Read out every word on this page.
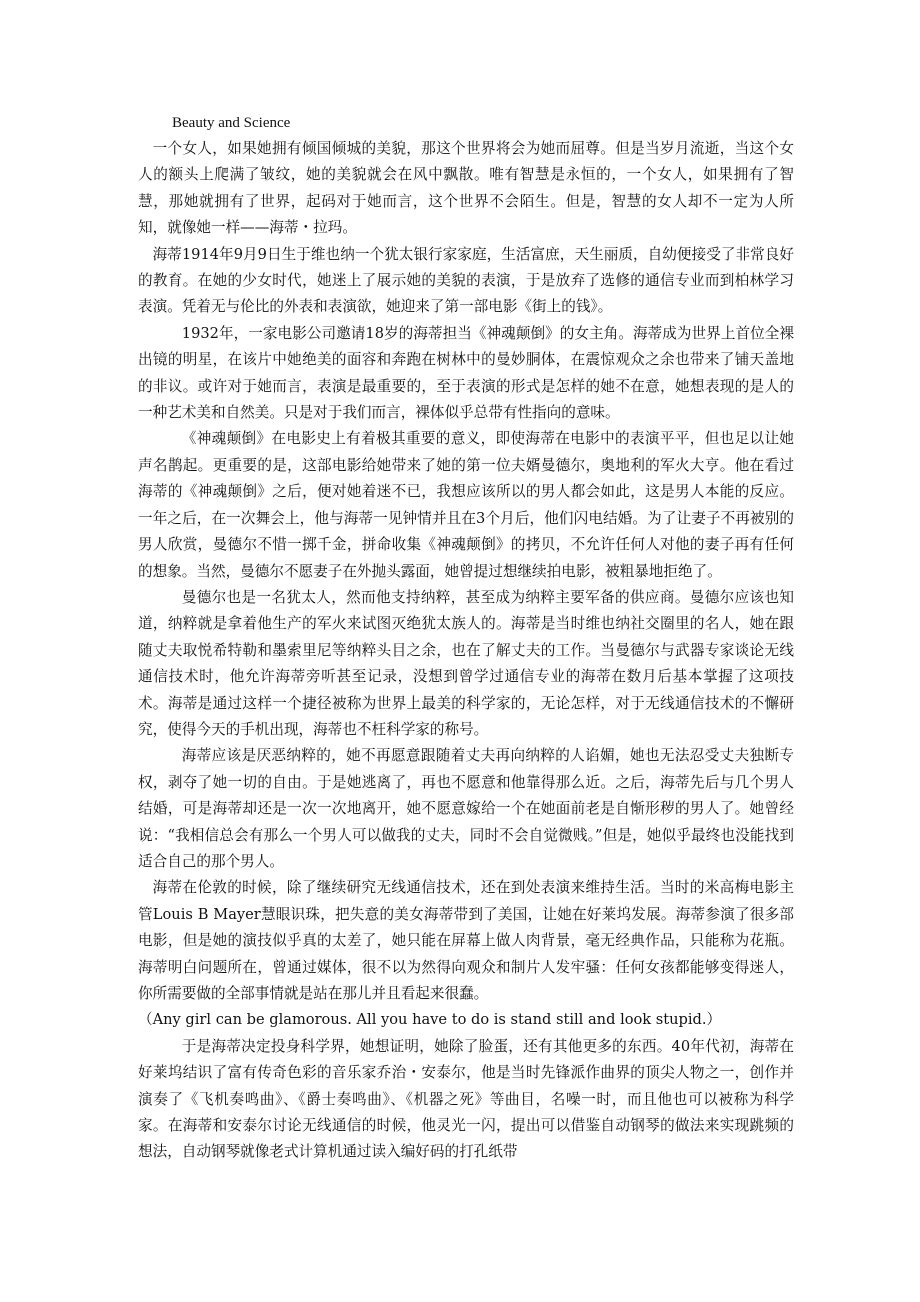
Beauty and Science

一个女人，如果她拥有倾国倾城的美貌，那这个世界将会为她而屈尊。但是当岁月流逝，当这个女人的额头上爬满了皱纹，她的美貌就会在风中飘散。唯有智慧是永恒的，一个女人，如果拥有了智慧，那她就拥有了世界，起码对于她而言，这个世界不会陌生。但是，智慧的女人却不一定为人所知，就像她一样——海蒂・拉玛。

海蒂1914年9月9日生于维也纳一个犹太银行家家庭，生活富庶，天生丽质，自幼便接受了非常良好的教育。在她的少女时代，她迷上了展示她的美貌的表演，于是放弃了选修的通信专业而到柏林学习表演。凭着无与伦比的外表和表演欲，她迎来了第一部电影《街上的钱》。

1932年，一家电影公司邀请18岁的海蒂担当《神魂颠倒》的女主角。海蒂成为世界上首位全裸出镜的明星，在该片中她绝美的面容和奔跑在树林中的曼妙胴体，在震惊观众之余也带来了铺天盖地的非议。或许对于她而言，表演是最重要的，至于表演的形式是怎样的她不在意，她想表现的是人的一种艺术美和自然美。只是对于我们而言，裸体似乎总带有性指向的意味。

《神魂颠倒》在电影史上有着极其重要的意义，即使海蒂在电影中的表演平平，但也足以让她声名鹊起。更重要的是，这部电影给她带来了她的第一位夫婿曼德尔，奥地利的军火大亨。他在看过海蒂的《神魂颠倒》之后，便对她着迷不已，我想应该所以的男人都会如此，这是男人本能的反应。一年之后，在一次舞会上，他与海蒂一见钟情并且在3个月后，他们闪电结婚。为了让妻子不再被别的男人欣赏，曼德尔不惜一掷千金，拼命收集《神魂颠倒》的拷贝，不允许任何人对他的妻子再有任何的想象。当然，曼德尔不愿妻子在外抛头露面，她曾提过想继续拍电影，被粗暴地拒绝了。

曼德尔也是一名犹太人，然而他支持纳粹，甚至成为纳粹主要军备的供应商。曼德尔应该也知道，纳粹就是拿着他生产的军火来试图灭绝犹太族人的。海蒂是当时维也纳社交圈里的名人，她在跟随丈夫取悦希特勒和墨索里尼等纳粹头目之余，也在了解丈夫的工作。当曼德尔与武器专家谈论无线通信技术时，他允许海蒂旁听甚至记录，没想到曾学过通信专业的海蒂在数月后基本掌握了这项技术。海蒂是通过这样一个捷径被称为世界上最美的科学家的，无论怎样，对于无线通信技术的不懈研究，使得今天的手机出现，海蒂也不枉科学家的称号。

海蒂应该是厌恶纳粹的，她不再愿意跟随着丈夫再向纳粹的人谄媚，她也无法忍受丈夫独断专权，剥夺了她一切的自由。于是她逃离了，再也不愿意和他靠得那么近。之后，海蒂先后与几个男人结婚，可是海蒂却还是一次一次地离开，她不愿意嫁给一个在她面前老是自惭形秽的男人了。她曾经说：“我相信总会有那么一个男人可以做我的丈夫，同时不会自觉微贱。”但是，她似乎最终也没能找到适合自己的那个男人。

海蒂在伦敦的时候，除了继续研究无线通信技术，还在到处表演来维持生活。当时的米高梅电影主管Louis B Mayer慧眼识珠，把失意的美女海蒂带到了美国，让她在好莱坞发展。海蒂参演了很多部电影，但是她的演技似乎真的太差了，她只能在屏幕上做人肉背景，毫无经典作品，只能称为花瓶。海蒂明白问题所在，曾通过媒体，很不以为然得向观众和制片人发牢骚：任何女孩都能够变得迷人，你所需要做的全部事情就是站在那儿并且看起来很蠢。

（Any girl can be glamorous. All you have to do is stand still and look stupid.）

于是海蒂决定投身科学界，她想证明，她除了脸蛋，还有其他更多的东西。40年代初，海蒂在好莱坞结识了富有传奇色彩的音乐家乔治・安泰尔，他是当时先锋派作曲界的顶尖人物之一，创作并演奏了《飞机奏鸣曲》、《爵士奏鸣曲》、《机器之死》等曲目，名噪一时，而且他也可以被称为科学家。在海蒂和安泰尔讨论无线通信的时候，他灵光一闪，提出可以借鉴自动钢琴的做法来实现跳频的想法，自动钢琴就像老式计算机通过读入编好码的打孔纸带
